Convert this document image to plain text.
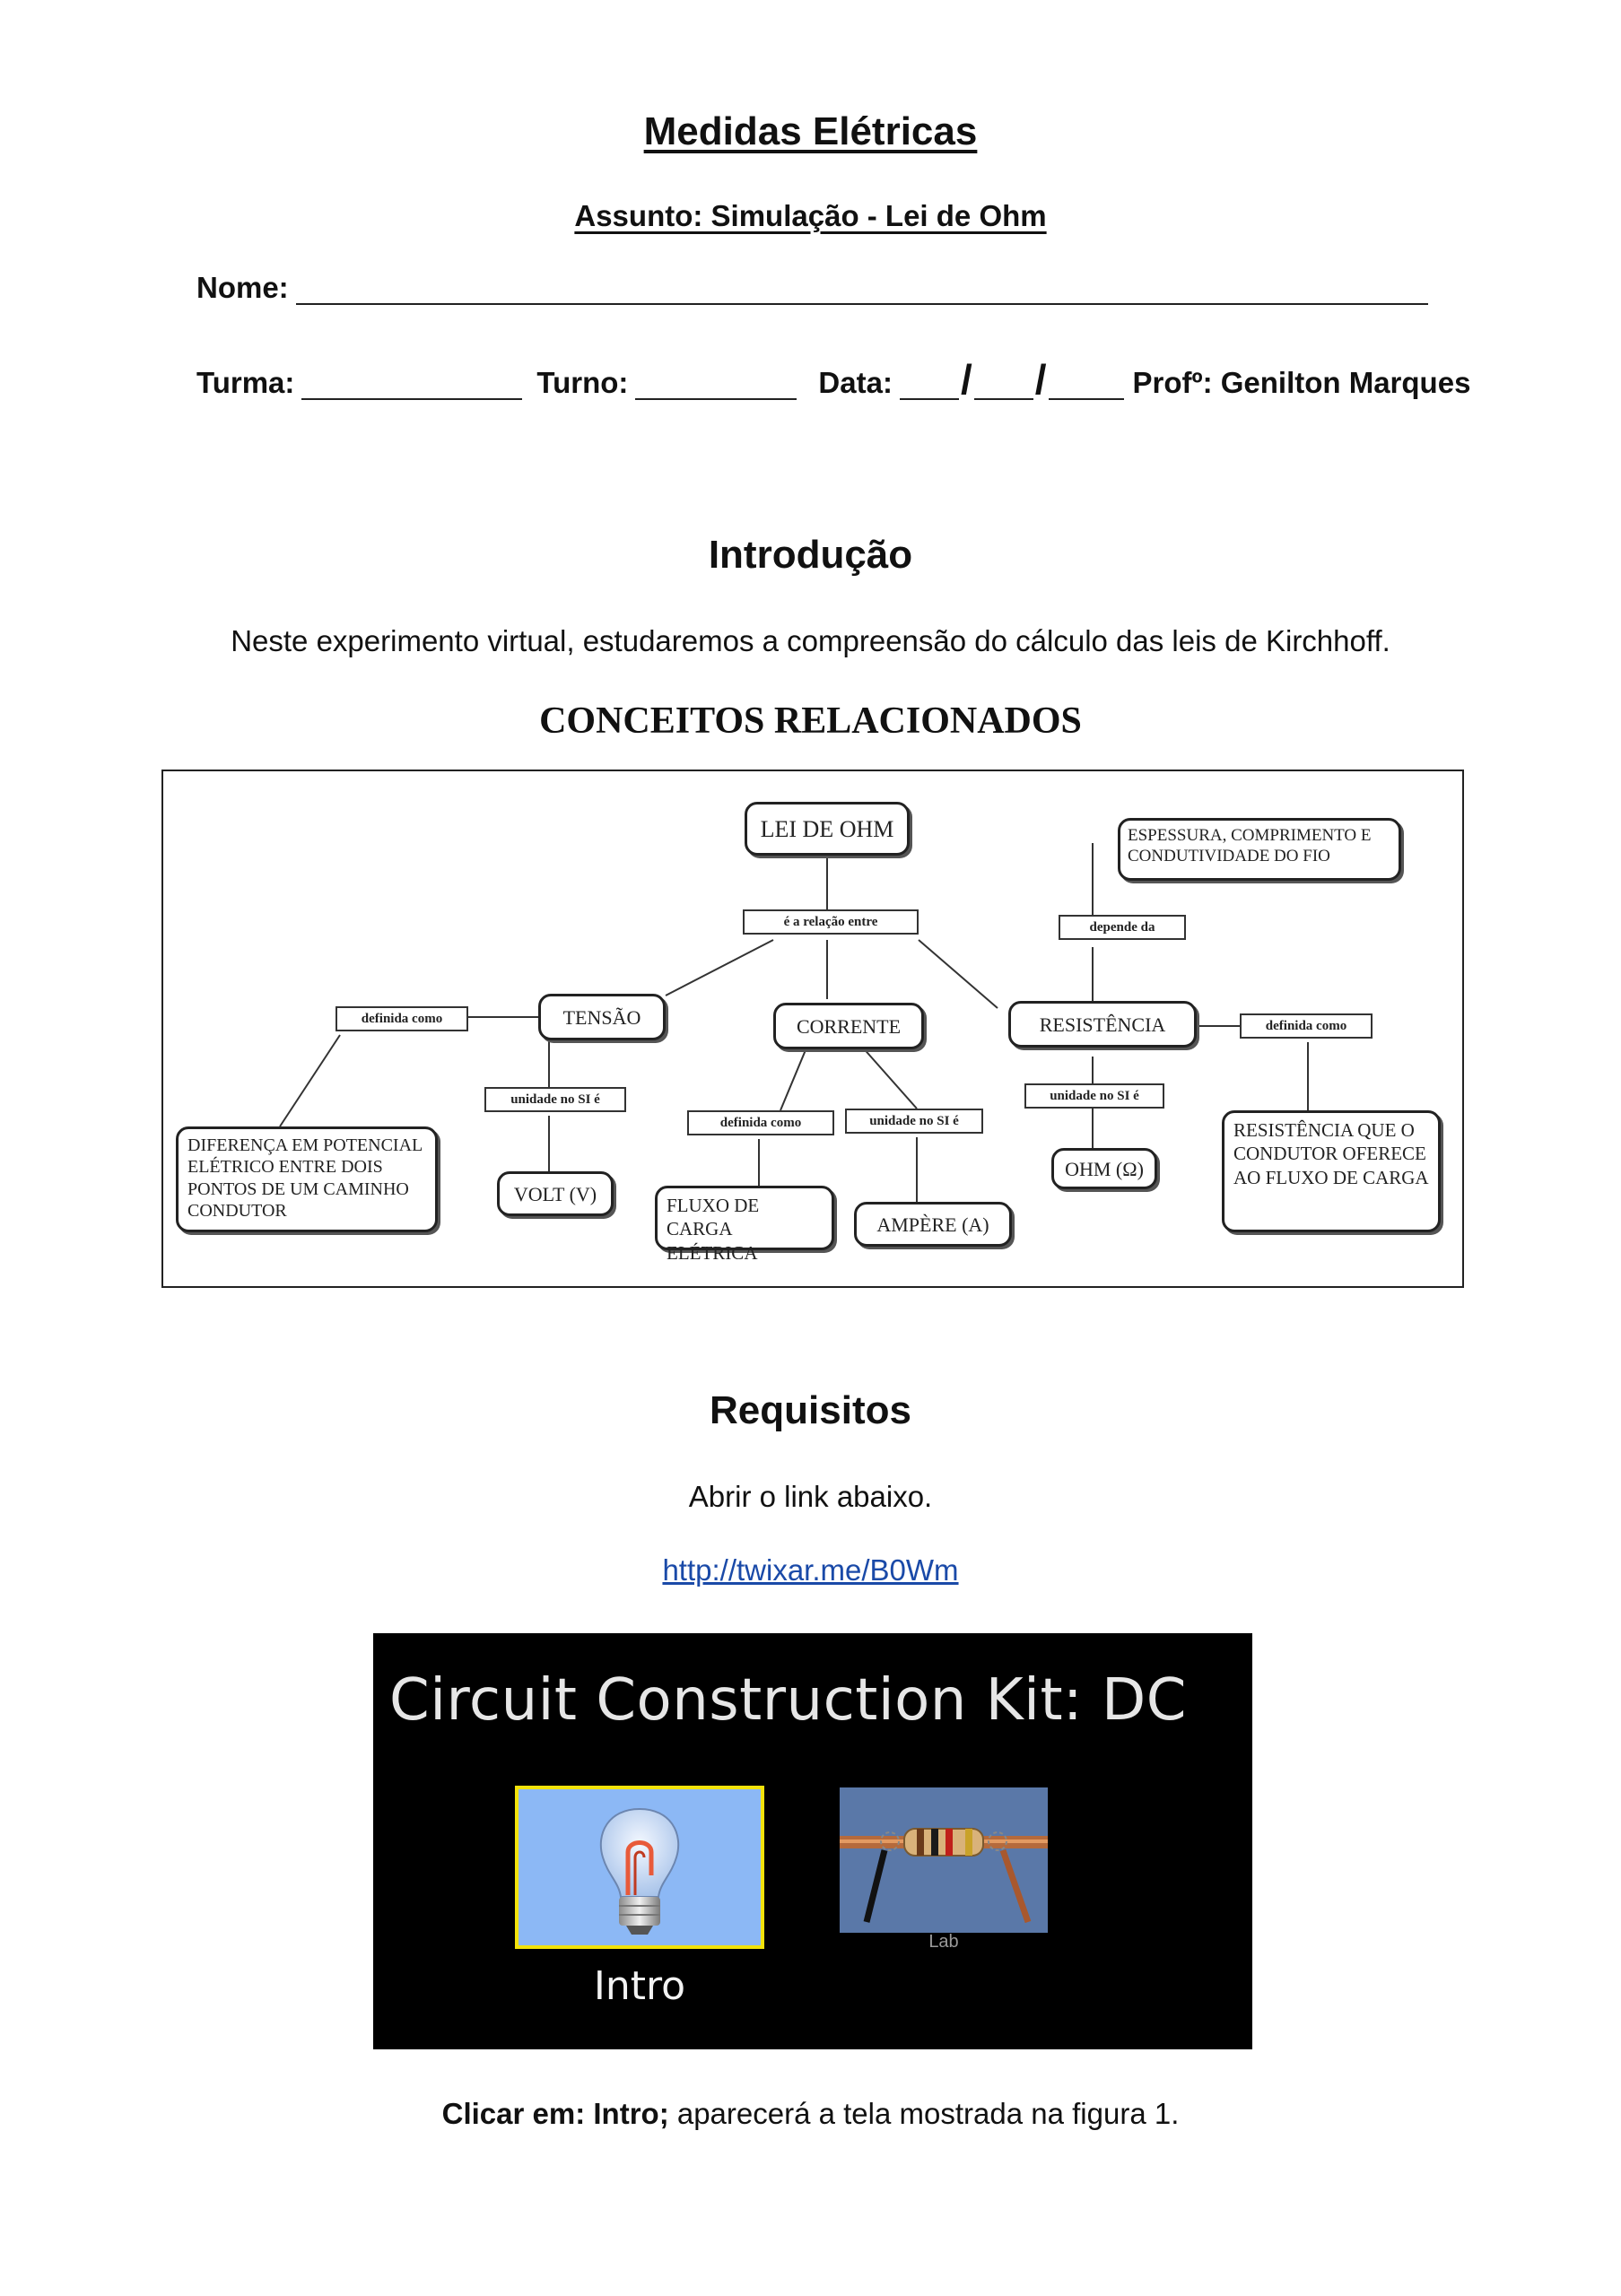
Medidas Elétricas
Assunto: Simulação - Lei de Ohm
Nome:
Turma:	Turno:	Data: / /	Profº: Genilton Marques
Introdução
Neste experimento virtual, estudaremos a compreensão do cálculo das leis de Kirchhoff.
CONCEITOS RELACIONADOS
LEI DE OHM
é a relação entre
ESPESSURA, COMPRIMENTO E CONDUTIVIDADE DO FIO
depende da
definida como	TENSÃO	CORRENTE	RESISTÊNCIA	definida como
unidade no SI é
definida como	unidade no SI é
unidade no SI é
DIFERENÇA EM POTENCIAL ELÉTRICO ENTRE DOIS PONTOS DE UM CAMINHO CONDUTOR
VOLT (V)	FLUXO DE CARGA ELÉTRICA
AMPÈRE (A)
OHM (Ω)
RESISTÊNCIA QUE O CONDUTOR OFERECE AO FLUXO DE CARGA
Requisitos
Abrir o link abaixo.
http://twixar.me/B0Wm
Circuit Construction Kit: DC
Intro
Lab
Clicar em: Intro; aparecerá a tela mostrada na figura 1.
